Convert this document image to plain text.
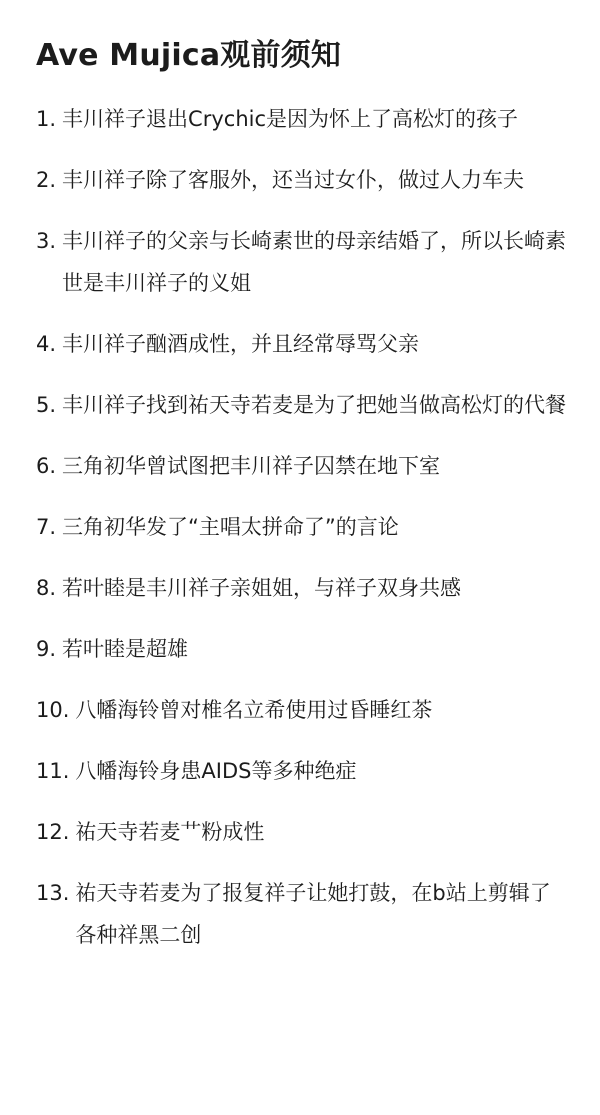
Ave Mujica观前须知
1. 丰川祥子退出Crychic是因为怀上了高松灯的孩子
2. 丰川祥子除了客服外，还当过女仆，做过人力车夫
3. 丰川祥子的父亲与长崎素世的母亲结婚了，所以长崎素世是丰川祥子的义姐
4. 丰川祥子酗酒成性，并且经常辱骂父亲
5. 丰川祥子找到祐天寺若麦是为了把她当做高松灯的代餐
6. 三角初华曾试图把丰川祥子囚禁在地下室
7. 三角初华发了“主唱太拼命了”的言论
8. 若叶睦是丰川祥子亲姐姐，与祥子双身共感
9. 若叶睦是超雄
10. 八幡海铃曾对椎名立希使用过昏睡红茶
11. 八幡海铃身患AIDS等多种绝症
12. 祐天寺若麦艹粉成性
13. 祐天寺若麦为了报复祥子让她打鼓，在b站上剪辑了各种祥黑二创
